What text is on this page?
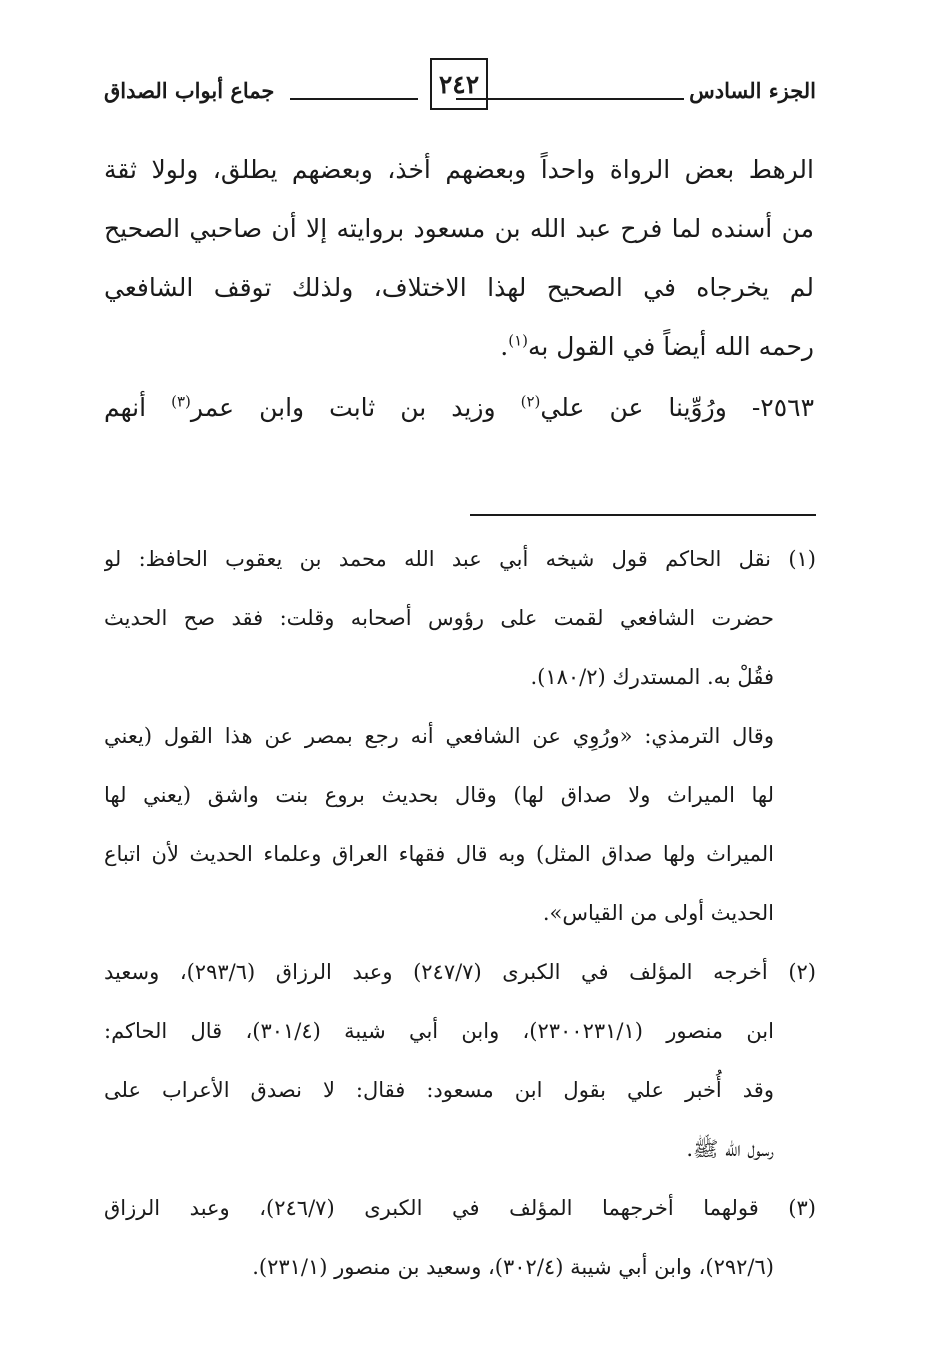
الجزء السادس
٢٤٢
جماع أبواب الصداق
الرهط بعض الرواة واحداً وبعضهم أخذ، وبعضهم يطلق، ولولا ثقة
من أسنده لما فرح عبد الله بن مسعود بروايته إلا أن صاحبي الصحيح
لم يخرجاه في الصحيح لهذا الاختلاف، ولذلك توقف الشافعي
رحمه الله أيضاً في القول به$^{(١)}$.
٢٥٦٣- ورُوِّينا عن علي$^{(٢)}$ وزيد بن ثابت وابن عمر$^{(٣)}$ أنهم
(١) نقل الحاكم قول شيخه أبي عبد الله محمد بن يعقوب الحافظ: لو
حضرت الشافعي لقمت على رؤوس أصحابه وقلت: فقد صح الحديث
فقُلْ به. المستدرك (١٨٠/٢).
وقال الترمذي: «ورُوِي عن الشافعي أنه رجع بمصر عن هذا القول (يعني
لها الميراث ولا صداق لها) وقال بحديث بروع بنت واشق (يعني لها
الميراث ولها صداق المثل) وبه قال فقهاء العراق وعلماء الحديث لأن اتباع
الحديث أولى من القياس».
(٢) أخرجه المؤلف في الكبرى (٢٤٧/٧) وعبد الرزاق (٢٩٣/٦)، وسعيد
ابن منصور (٢٣٠٠٢٣١/١)، وابن أبي شيبة (٣٠١/٤)، قال الحاكم:
وقد أُخبر علي بقول ابن مسعود: فقال: لا نصدق الأعراب على
رسول الله ﷺ.
(٣) قولهما أخرجهما المؤلف في الكبرى (٢٤٦/٧)، وعبد الرزاق
(٢٩٢/٦)، وابن أبي شيبة (٣٠٢/٤)، وسعيد بن منصور (٢٣١/١).
